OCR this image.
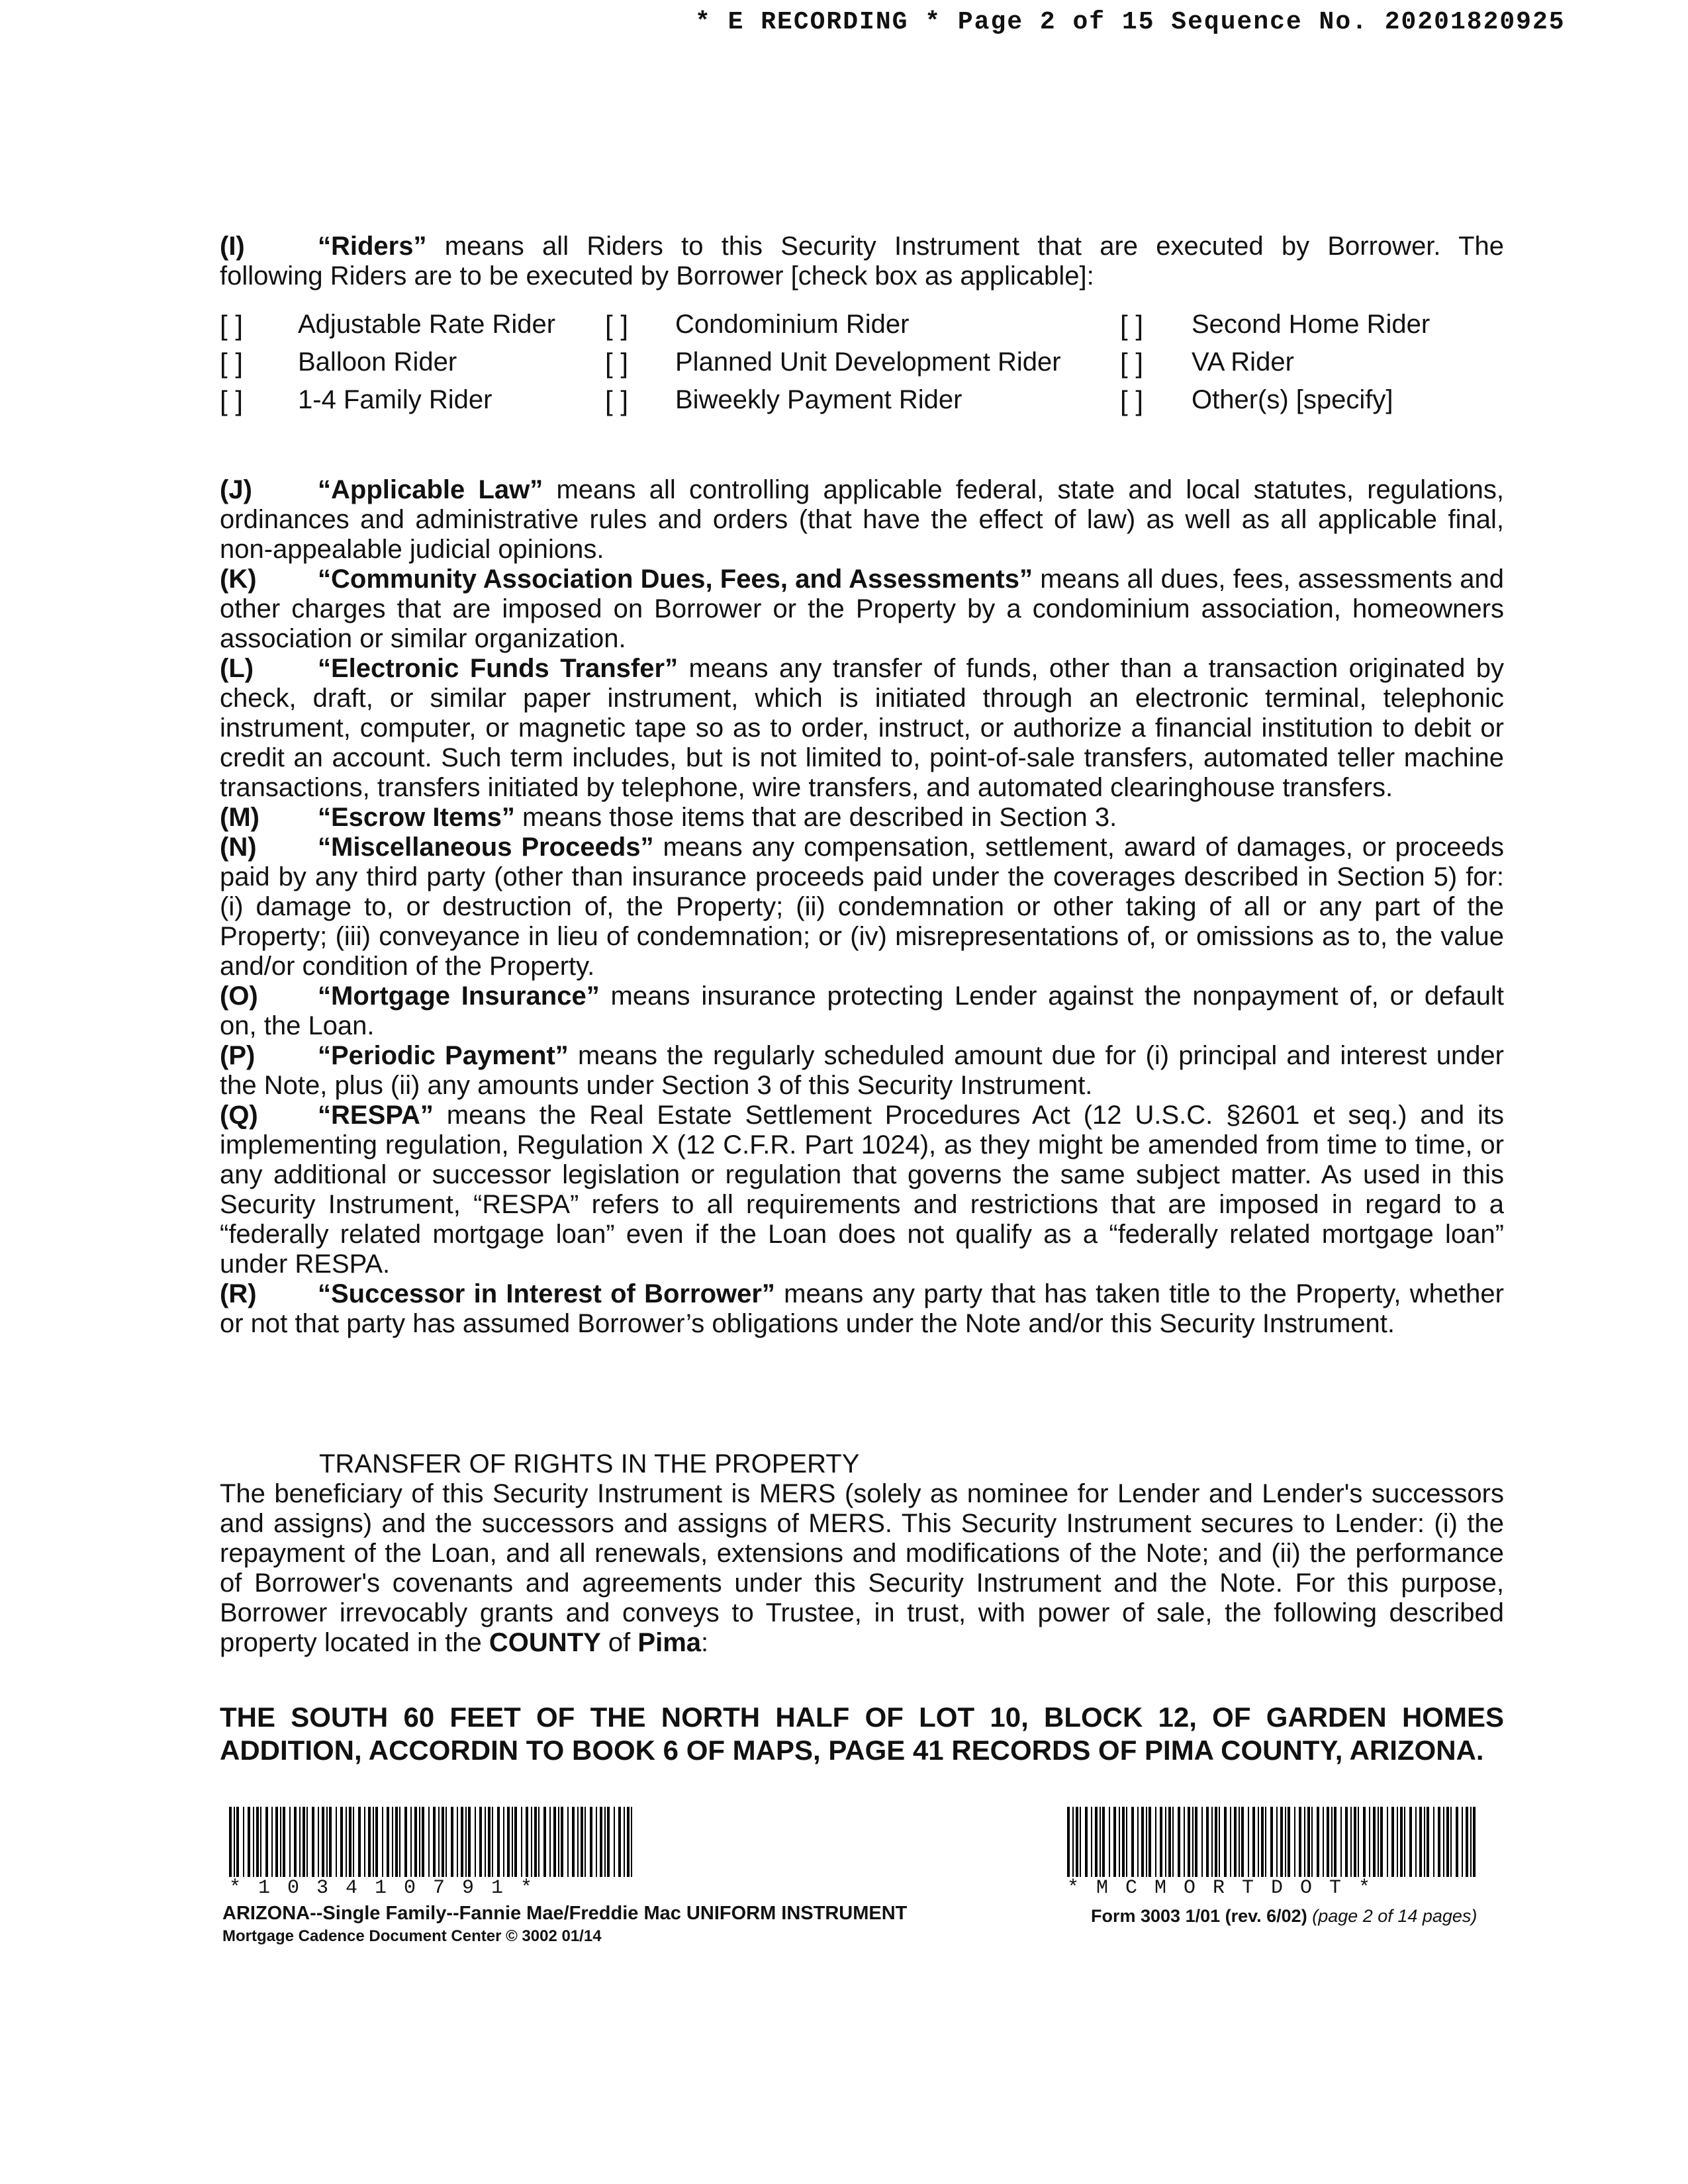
* E RECORDING * Page 2 of 15 Sequence No. 20201820925

(I)	“Riders” means all Riders to this Security Instrument that are executed by Borrower. The

following Riders are to be executed by Borrower [check box as applicable]:

[ ] Adjustable Rate Rider [ ] Condominium Rider	[ ] Second Home Rider
[ ] Balloon Rider	[ ] Planned Unit Development Rider [ ] VA Rider
[ ] 1-4 Family Rider	[ ] Biweekly Payment Rider	[ ] Other(s) [specify]

(J) “Applicable Law” means all controlling applicable federal, state and local statutes, regulations, ordinances and administrative rules and orders (that have the effect of law) as well as all applicable final, non-appealable judicial opinions.

(K) “Community Association Dues, Fees, and Assessments” means all dues, fees, assessments and other charges that are imposed on Borrower or the Property by a condominium association, homeowners association or similar organization.

(L) “Electronic Funds Transfer” means any transfer of funds, other than a transaction originated by check, draft, or similar paper instrument, which is initiated through an electronic terminal, telephonic instrument, computer, or magnetic tape so as to order, instruct, or authorize a financial institution to debit or credit an account. Such term includes, but is not limited to, point-of-sale transfers, automated teller machine transactions, transfers initiated by telephone, wire transfers, and automated clearinghouse transfers.

(M) “Escrow Items” means those items that are described in Section 3.

(N) “Miscellaneous Proceeds” means any compensation, settlement, award of damages, or proceeds paid by any third party (other than insurance proceeds paid under the coverages described in Section 5) for: (i) damage to, or destruction of, the Property; (ii) condemnation or other taking of all or any part of the Property; (iii) conveyance in lieu of condemnation; or (iv) misrepresentations of, or omissions as to, the value and/or condition of the Property.

(O) “Mortgage Insurance” means insurance protecting Lender against the nonpayment of, or default on, the Loan.

(P) “Periodic Payment” means the regularly scheduled amount due for (i) principal and interest under the Note, plus (ii) any amounts under Section 3 of this Security Instrument.

(Q) “RESPA” means the Real Estate Settlement Procedures Act (12 U.S.C. §2601 et seq.) and its implementing regulation, Regulation X (12 C.F.R. Part 1024), as they might be amended from time to time, or any additional or successor legislation or regulation that governs the same subject matter. As used in this Security Instrument, “RESPA” refers to all requirements and restrictions that are imposed in regard to a “federally related mortgage loan” even if the Loan does not qualify as a “federally related mortgage loan” under RESPA.

(R) “Successor in Interest of Borrower” means any party that has taken title to the Property, whether or not that party has assumed Borrower’s obligations under the Note and/or this Security Instrument.

TRANSFER OF RIGHTS IN THE PROPERTY

The beneficiary of this Security Instrument is MERS (solely as nominee for Lender and Lender's successors and assigns) and the successors and assigns of MERS. This Security Instrument secures to Lender: (i) the repayment of the Loan, and all renewals, extensions and modifications of the Note; and (ii) the performance of Borrower's covenants and agreements under this Security Instrument and the Note. For this purpose, Borrower irrevocably grants and conveys to Trustee, in trust, with power of sale, the following described property located in the COUNTY of Pima:

THE SOUTH 60 FEET OF THE NORTH HALF OF LOT 10, BLOCK 12, OF GARDEN HOMES ADDITION, ACCORDIN TO BOOK 6 OF MAPS, PAGE 41 RECORDS OF PIMA COUNTY, ARIZONA.
* 1 0 3 4 1 0 7 9 1 *	* M C M O R T D O T *
ARIZONA--Single Family--Fannie Mae/Freddie Mac UNIFORM INSTRUMENT
Mortgage Cadence Document Center © 3002 01/14
Form 3003 1/01 (rev. 6/02) (page 2 of 14 pages)
